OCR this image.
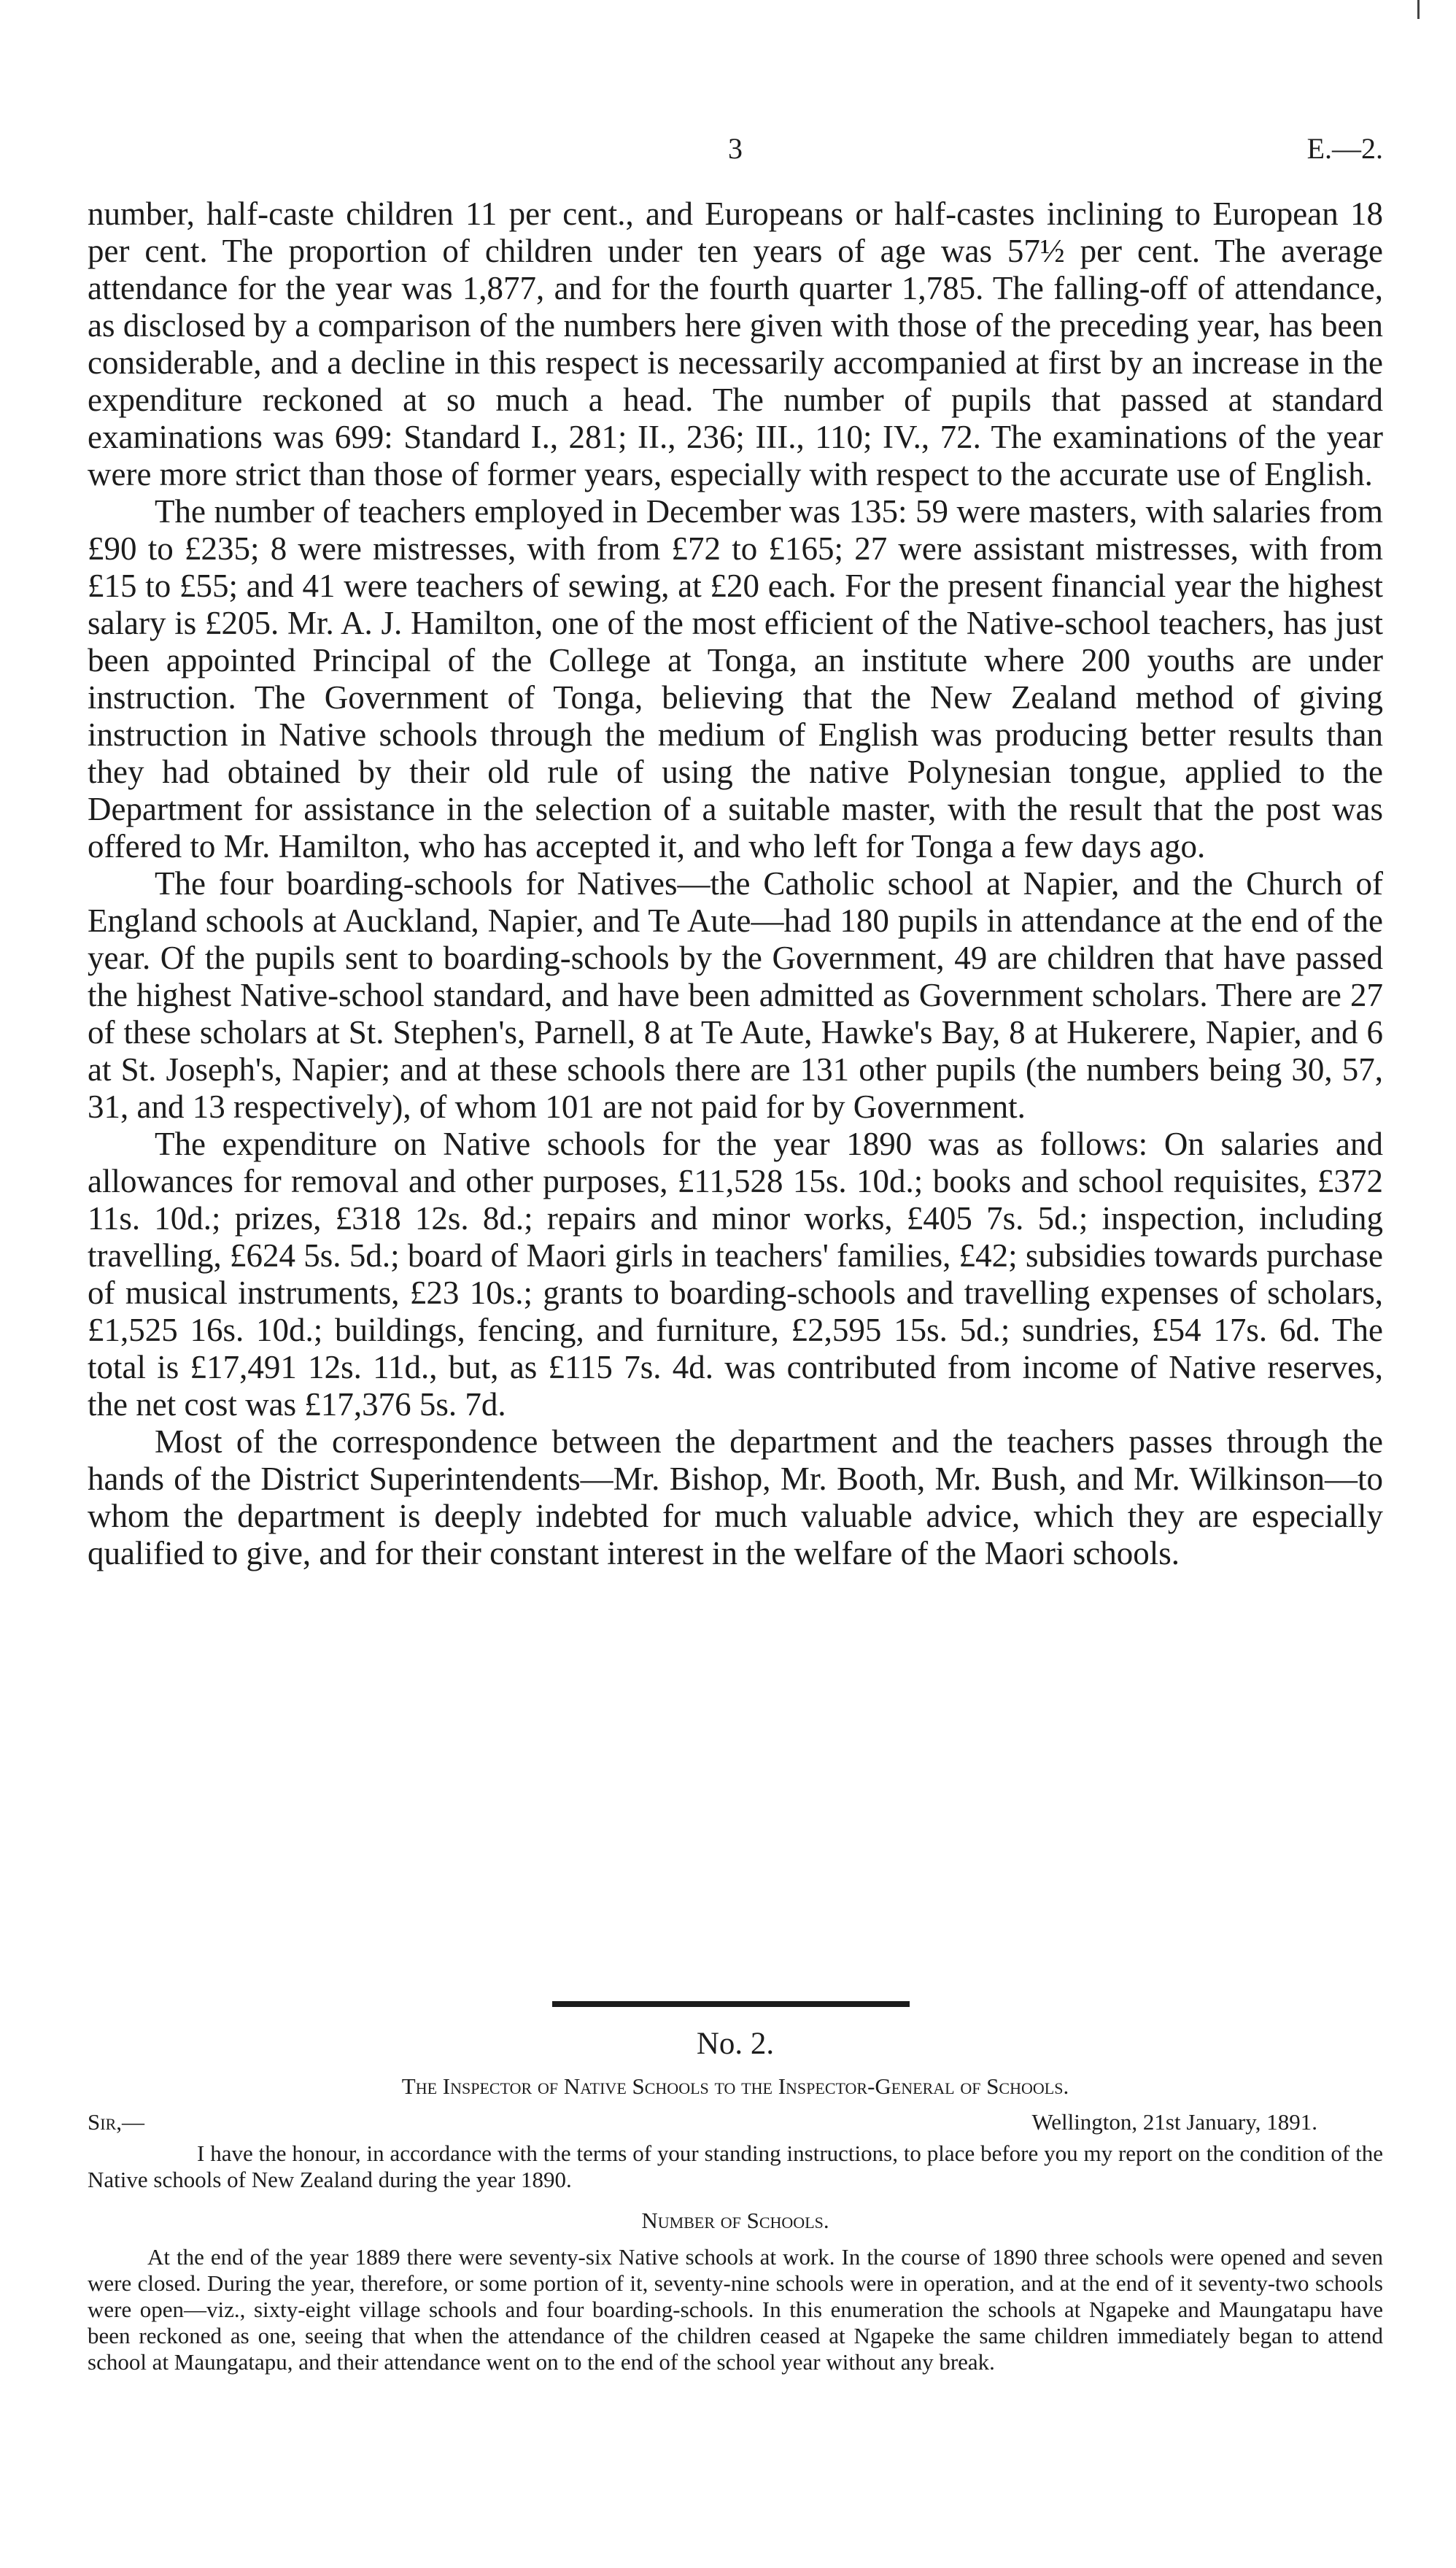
3	E.—2.

number, half-caste children 11 per cent., and Europeans or half-castes inclining to European 18 per cent. The proportion of children under ten years of age was 57½ per cent. The average attendance for the year was 1,877, and for the fourth quarter 1,785. The falling-off of attendance, as disclosed by a comparison of the numbers here given with those of the preceding year, has been considerable, and a decline in this respect is necessarily accompanied at first by an increase in the expenditure reckoned at so much a head. The number of pupils that passed at standard examinations was 699: Standard I., 281; II., 236; III., 110; IV., 72. The examinations of the year were more strict than those of former years, especially with respect to the accurate use of English.

The number of teachers employed in December was 135: 59 were masters, with salaries from £90 to £235; 8 were mistresses, with from £72 to £165; 27 were assistant mistresses, with from £15 to £55; and 41 were teachers of sewing, at £20 each. For the present financial year the highest salary is £205. Mr. A. J. Hamilton, one of the most efficient of the Native-school teachers, has just been appointed Principal of the College at Tonga, an institute where 200 youths are under instruction. The Government of Tonga, believing that the New Zealand method of giving instruction in Native schools through the medium of English was producing better results than they had obtained by their old rule of using the native Polynesian tongue, applied to the Department for assistance in the selection of a suitable master, with the result that the post was offered to Mr. Hamilton, who has accepted it, and who left for Tonga a few days ago.

The four boarding-schools for Natives—the Catholic school at Napier, and the Church of England schools at Auckland, Napier, and Te Aute—had 180 pupils in attendance at the end of the year. Of the pupils sent to boarding-schools by the Government, 49 are children that have passed the highest Native-school standard, and have been admitted as Government scholars. There are 27 of these scholars at St. Stephen's, Parnell, 8 at Te Aute, Hawke's Bay, 8 at Hukerere, Napier, and 6 at St. Joseph's, Napier; and at these schools there are 131 other pupils (the numbers being 30, 57, 31, and 13 respectively), of whom 101 are not paid for by Government.

The expenditure on Native schools for the year 1890 was as follows: On salaries and allowances for removal and other purposes, £11,528 15s. 10d.; books and school requisites, £372 11s. 10d.; prizes, £318 12s. 8d.; repairs and minor works, £405 7s. 5d.; inspection, including travelling, £624 5s. 5d.; board of Maori girls in teachers' families, £42; subsidies towards purchase of musical instruments, £23 10s.; grants to boarding-schools and travelling expenses of scholars, £1,525 16s. 10d.; buildings, fencing, and furniture, £2,595 15s. 5d.; sundries, £54 17s. 6d. The total is £17,491 12s. 11d., but, as £115 7s. 4d. was contributed from income of Native reserves, the net cost was £17,376 5s. 7d.

Most of the correspondence between the department and the teachers passes through the hands of the District Superintendents—Mr. Bishop, Mr. Booth, Mr. Bush, and Mr. Wilkinson—to whom the department is deeply indebted for much valuable advice, which they are especially qualified to give, and for their constant interest in the welfare of the Maori schools.

No. 2.
The Inspector of Native Schools to the Inspector-General of Schools.
Sir,—	Wellington, 21st January, 1891.

I have the honour, in accordance with the terms of your standing instructions, to place before you my report on the condition of the Native schools of New Zealand during the year 1890.

Number of Schools.

At the end of the year 1889 there were seventy-six Native schools at work. In the course of 1890 three schools were opened and seven were closed. During the year, therefore, or some portion of it, seventy-nine schools were in operation, and at the end of it seventy-two schools were open—viz., sixty-eight village schools and four boarding-schools. In this enumeration the schools at Ngapeke and Maungatapu have been reckoned as one, seeing that when the attendance of the children ceased at Ngapeke the same children immediately began to attend school at Maungatapu, and their attendance went on to the end of the school year without any break.
